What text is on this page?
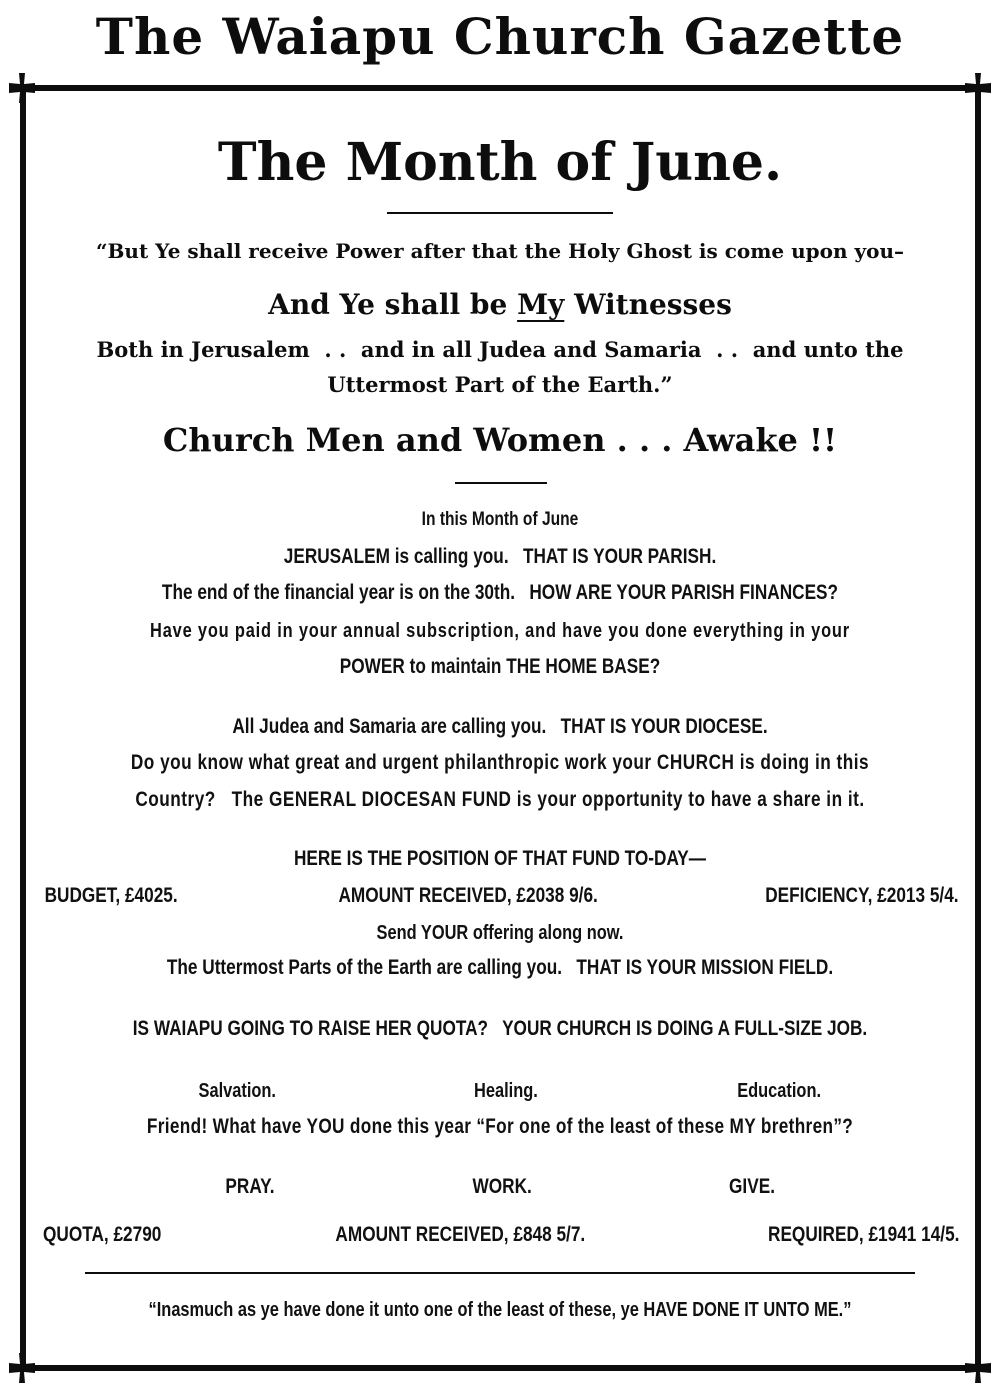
The Waiapu Church Gazette
The Month of June.
“But Ye shall receive Power after that the Holy Ghost is come upon you–
And Ye shall be My Witnesses
Both in Jerusalem  . .  and in all Judea and Samaria  . .  and unto the
Uttermost Part of the Earth.”
Church Men and Women . . . Awake !!
In this Month of June
JERUSALEM is calling you.   THAT IS YOUR PARISH.
The end of the financial year is on the 30th.   HOW ARE YOUR PARISH FINANCES?
Have you paid in your annual subscription, and have you done everything in your
POWER to maintain THE HOME BASE?
All Judea and Samaria are calling you.   THAT IS YOUR DIOCESE.
Do you know what great and urgent philanthropic work your CHURCH is doing in this
Country?   The GENERAL DIOCESAN FUND is your opportunity to have a share in it.
HERE IS THE POSITION OF THAT FUND TO-DAY—
BUDGET, £4025.	AMOUNT RECEIVED, £2038 9/6.	DEFICIENCY, £2013 5/4.
Send YOUR offering along now.
The Uttermost Parts of the Earth are calling you.   THAT IS YOUR MISSION FIELD.
IS WAIAPU GOING TO RAISE HER QUOTA?   YOUR CHURCH IS DOING A FULL-SIZE JOB.
Salvation.	Healing.	Education.
Friend! What have YOU done this year “For one of the least of these MY brethren”?
PRAY.	WORK.	GIVE.
QUOTA, £2790	AMOUNT RECEIVED, £848 5/7.	REQUIRED, £1941 14/5.
“Inasmuch as ye have done it unto one of the least of these, ye HAVE DONE IT UNTO ME.”
